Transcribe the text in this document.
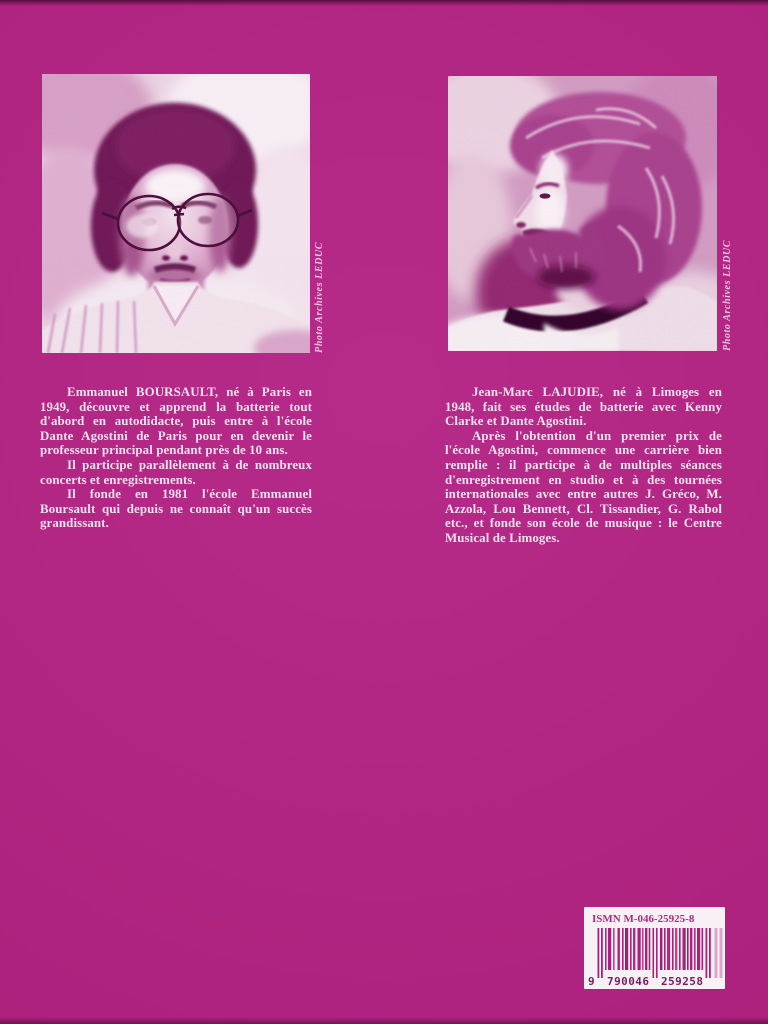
Photo Archives LEDUC	Photo Archives LEDUC

Emmanuel BOURSAULT, né à Paris en 1949, découvre et apprend la batterie tout d'abord en autodidacte, puis entre à l'école Dante Agostini de Paris pour en devenir le professeur principal pendant près de 10 ans.

Il participe parallèlement à de nombreux concerts et enregistrements.

Il fonde en 1981 l'école Emmanuel Boursault qui depuis ne connaît qu'un succès grandissant.

Jean-Marc LAJUDIE, né à Limoges en 1948, fait ses études de batterie avec Kenny Clarke et Dante Agostini.

Après l'obtention d'un premier prix de l'école Agostini, commence une carrière bien remplie : il participe à de multiples séances d'enregistrement en studio et à des tournées internationales avec entre autres J. Gréco, M. Azzola, Lou Bennett, Cl. Tissandier, G. Rabol etc., et fonde son école de musique : le Centre Musical de Limoges.

ISMN M-046-25925-8
9 790046 259258
